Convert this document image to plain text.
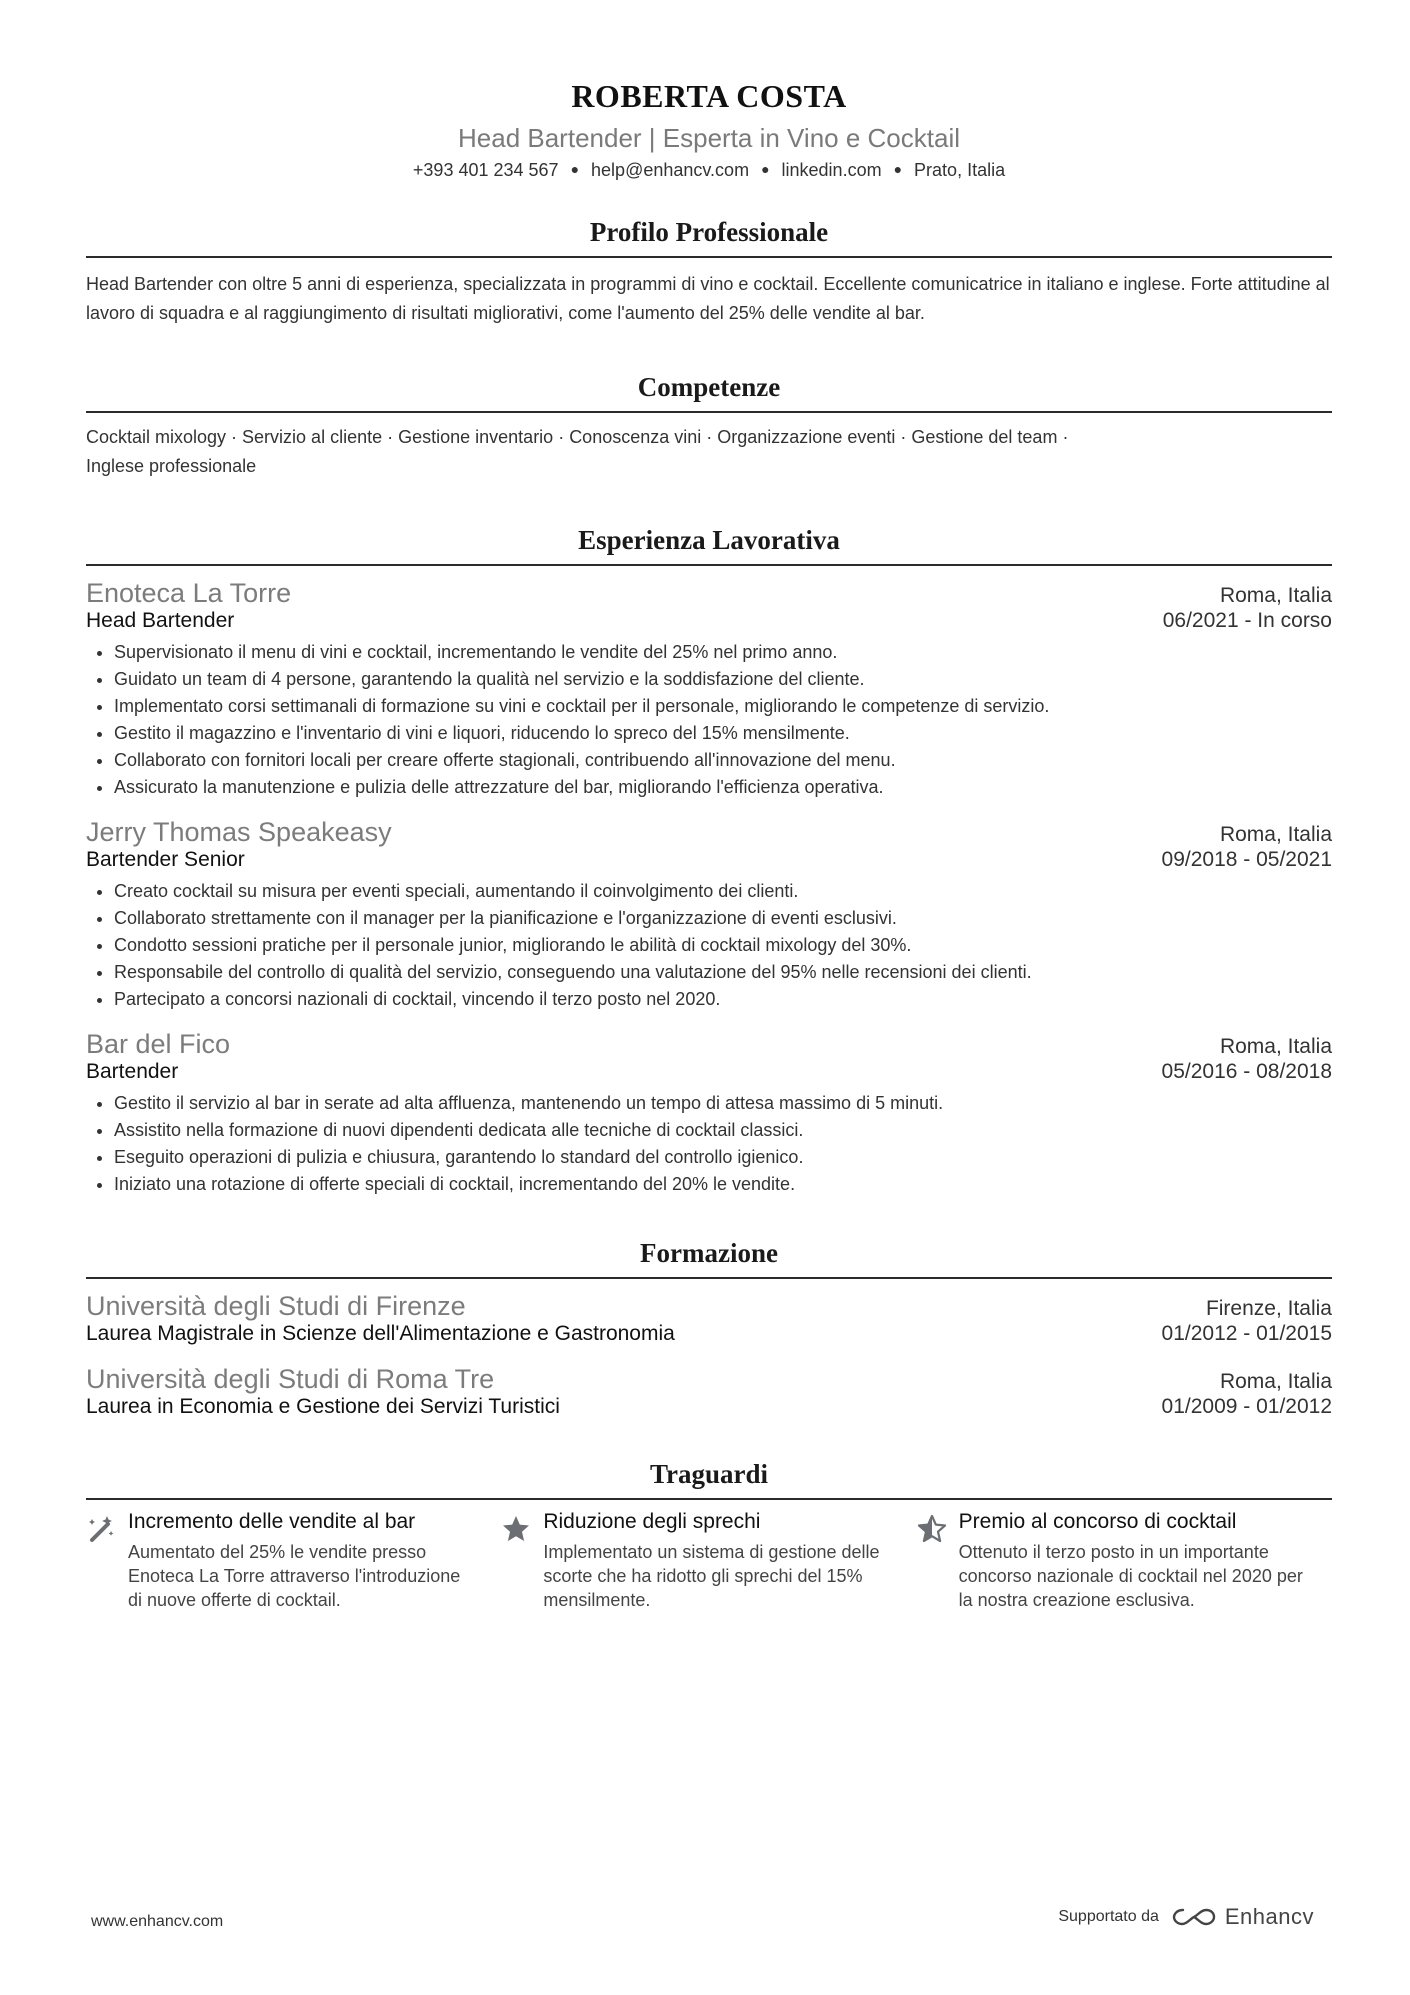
ROBERTA COSTA
Head Bartender | Esperta in Vino e Cocktail
+393 401 234 567 ● help@enhancv.com ● linkedin.com ● Prato, Italia
Profilo Professionale
Head Bartender con oltre 5 anni di esperienza, specializzata in programmi di vino e cocktail. Eccellente comunicatrice in italiano e inglese. Forte attitudine al lavoro di squadra e al raggiungimento di risultati migliorativi, come l'aumento del 25% delle vendite al bar.
Competenze
Cocktail mixology · Servizio al cliente · Gestione inventario · Conoscenza vini · Organizzazione eventi · Gestione del team ·
Inglese professionale
Esperienza Lavorativa
Enoteca La Torre	Roma, Italia
Head Bartender	06/2021 - In corso
• Supervisionato il menu di vini e cocktail, incrementando le vendite del 25% nel primo anno.
• Guidato un team di 4 persone, garantendo la qualità nel servizio e la soddisfazione del cliente.
• Implementato corsi settimanali di formazione su vini e cocktail per il personale, migliorando le competenze di servizio.
• Gestito il magazzino e l'inventario di vini e liquori, riducendo lo spreco del 15% mensilmente.
• Collaborato con fornitori locali per creare offerte stagionali, contribuendo all'innovazione del menu.
• Assicurato la manutenzione e pulizia delle attrezzature del bar, migliorando l'efficienza operativa.
Jerry Thomas Speakeasy	Roma, Italia
Bartender Senior	09/2018 - 05/2021
• Creato cocktail su misura per eventi speciali, aumentando il coinvolgimento dei clienti.
• Collaborato strettamente con il manager per la pianificazione e l'organizzazione di eventi esclusivi.
• Condotto sessioni pratiche per il personale junior, migliorando le abilità di cocktail mixology del 30%.
• Responsabile del controllo di qualità del servizio, conseguendo una valutazione del 95% nelle recensioni dei clienti.
• Partecipato a concorsi nazionali di cocktail, vincendo il terzo posto nel 2020.
Bar del Fico	Roma, Italia
Bartender	05/2016 - 08/2018
• Gestito il servizio al bar in serate ad alta affluenza, mantenendo un tempo di attesa massimo di 5 minuti.
• Assistito nella formazione di nuovi dipendenti dedicata alle tecniche di cocktail classici.
• Eseguito operazioni di pulizia e chiusura, garantendo lo standard del controllo igienico.
• Iniziato una rotazione di offerte speciali di cocktail, incrementando del 20% le vendite.
Formazione
Università degli Studi di Firenze	Firenze, Italia
Laurea Magistrale in Scienze dell'Alimentazione e Gastronomia	01/2012 - 01/2015
Università degli Studi di Roma Tre	Roma, Italia
Laurea in Economia e Gestione dei Servizi Turistici	01/2009 - 01/2012
Traguardi
Incremento delle vendite al bar
Aumentato del 25% le vendite presso Enoteca La Torre attraverso l'introduzione di nuove offerte di cocktail.
Riduzione degli sprechi
Implementato un sistema di gestione delle scorte che ha ridotto gli sprechi del 15% mensilmente.
Premio al concorso di cocktail
Ottenuto il terzo posto in un importante concorso nazionale di cocktail nel 2020 per la nostra creazione esclusiva.
www.enhancv.com	Supportato da	Enhancv
